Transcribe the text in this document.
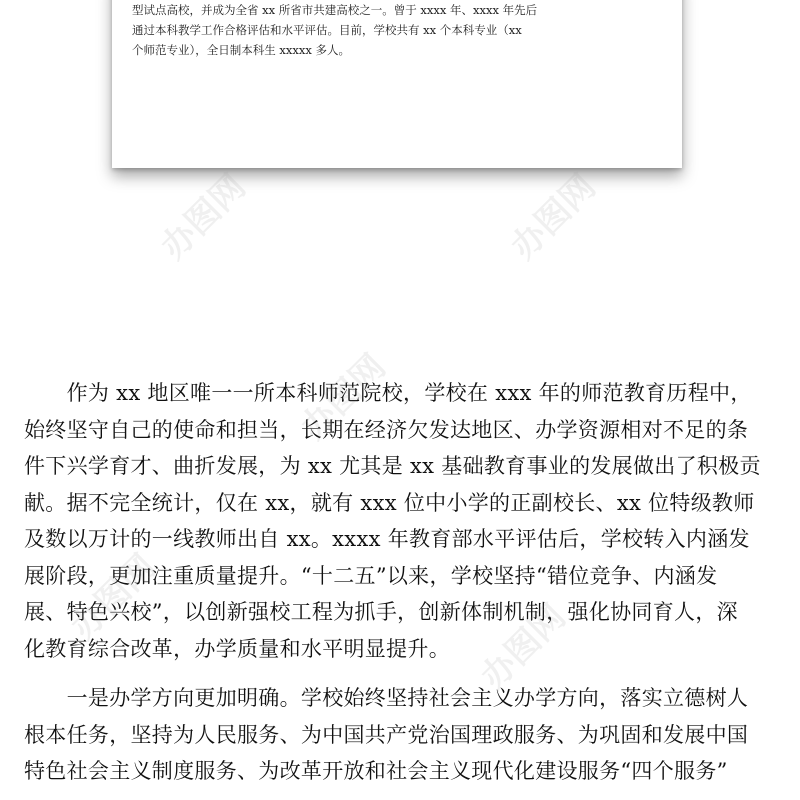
型试点高校，并成为全省 xx 所省市共建高校之一。曾于 xxxx 年、xxxx 年先后
通过本科教学工作合格评估和水平评估。目前，学校共有 xx 个本科专业（xx
个师范专业），全日制本科生 xxxxx 多人。

　　作为 xx 地区唯一一所本科师范院校，学校在 xxx 年的师范教育历程中，
始终坚守自己的使命和担当，长期在经济欠发达地区、办学资源相对不足的条
件下兴学育才、曲折发展，为 xx 尤其是 xx 基础教育事业的发展做出了积极贡
献。据不完全统计，仅在 xx，就有 xxx 位中小学的正副校长、xx 位特级教师
及数以万计的一线教师出自 xx。xxxx 年教育部水平评估后，学校转入内涵发
展阶段，更加注重质量提升。“十二五”以来，学校坚持“错位竞争、内涵发
展、特色兴校”，以创新强校工程为抓手，创新体制机制，强化协同育人，深
化教育综合改革，办学质量和水平明显提升。

　　一是办学方向更加明确。学校始终坚持社会主义办学方向，落实立德树人
根本任务，坚持为人民服务、为中国共产党治国理政服务、为巩固和发展中国
特色社会主义制度服务、为改革开放和社会主义现代化建设服务“四个服务”

办图网	办图网
办图网
办图网	办图网
